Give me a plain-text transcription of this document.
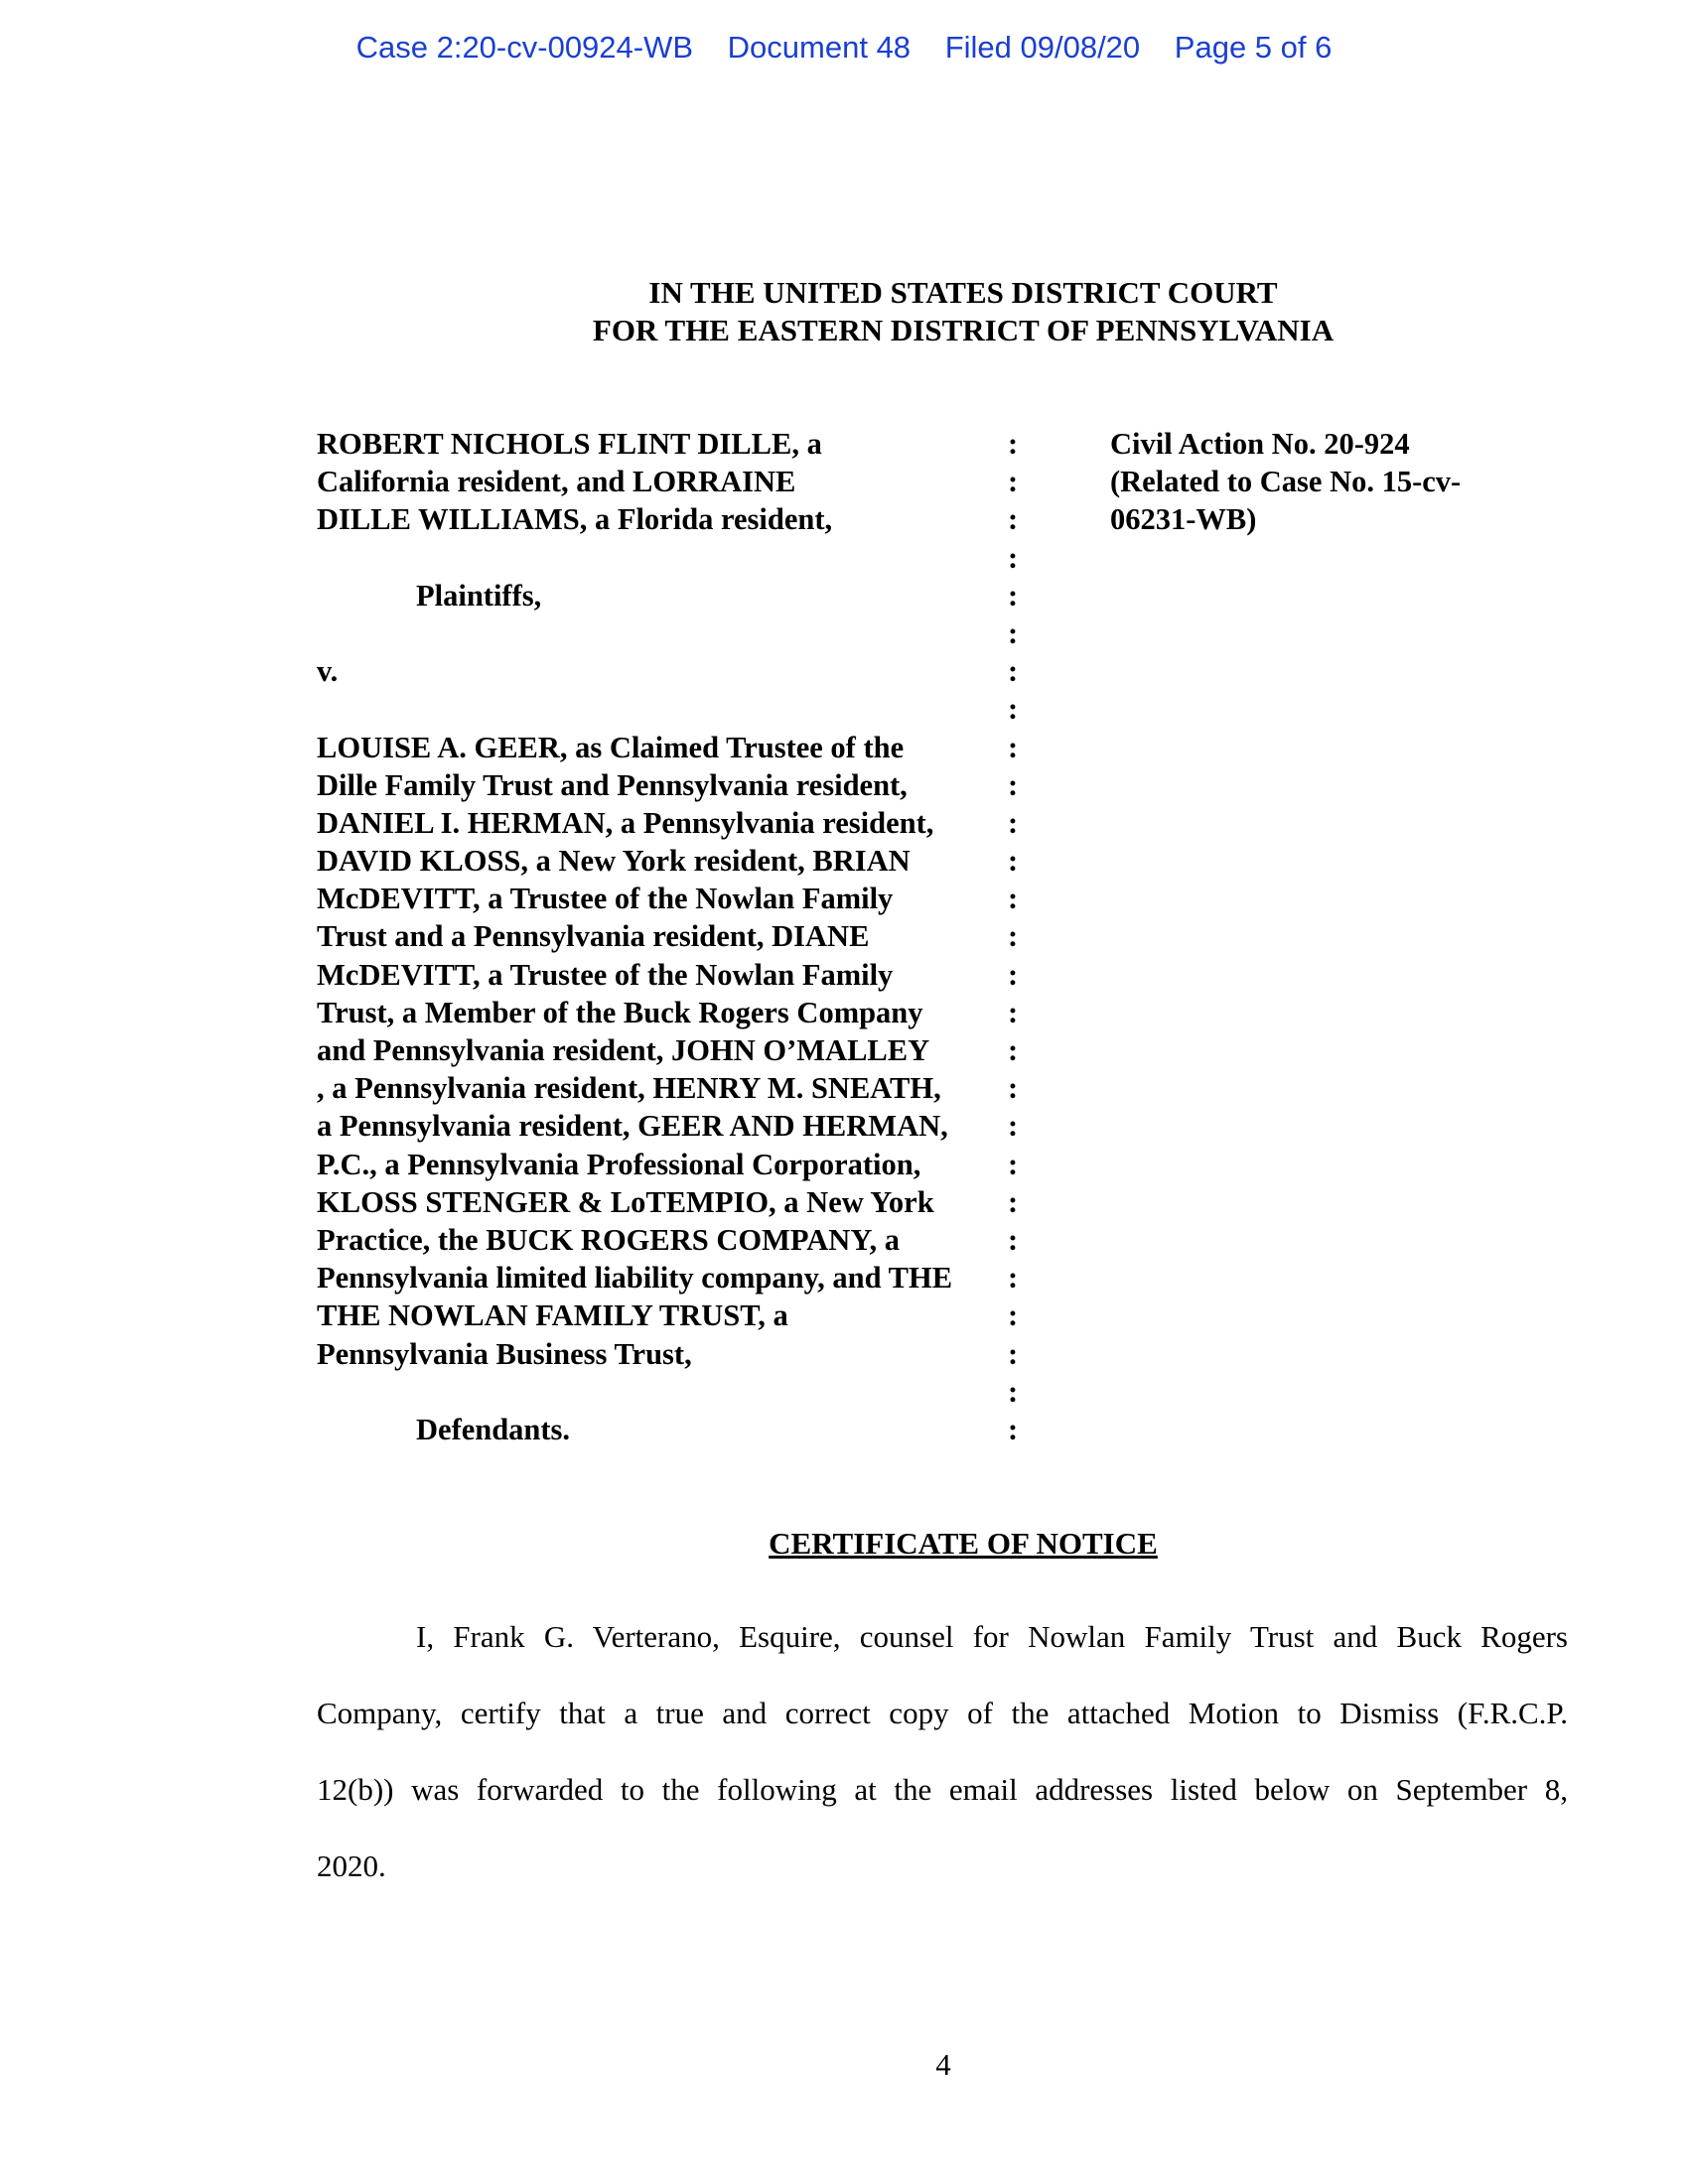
Case 2:20-cv-00924-WB Document 48 Filed 09/08/20 Page 5 of 6
IN THE UNITED STATES DISTRICT COURT
FOR THE EASTERN DISTRICT OF PENNSYLVANIA
ROBERT NICHOLS FLINT DILLE, a
California resident, and LORRAINE
DILLE WILLIAMS, a Florida resident,
Plaintiffs,
v.
LOUISE A. GEER, as Claimed Trustee of the
Dille Family Trust and Pennsylvania resident,
DANIEL I. HERMAN, a Pennsylvania resident,
DAVID KLOSS, a New York resident, BRIAN
McDEVITT, a Trustee of the Nowlan Family
Trust and a Pennsylvania resident, DIANE
McDEVITT, a Trustee of the Nowlan Family
Trust, a Member of the Buck Rogers Company
and Pennsylvania resident, JOHN O’MALLEY
, a Pennsylvania resident, HENRY M. SNEATH,
a Pennsylvania resident, GEER AND HERMAN,
P.C., a Pennsylvania Professional Corporation,
KLOSS STENGER & LoTEMPIO, a New York
Practice, the BUCK ROGERS COMPANY, a
Pennsylvania limited liability company, and THE
THE NOWLAN FAMILY TRUST, a
Pennsylvania Business Trust,
Defendants.
:
:
:
:
:
:
:
:
:
:
:
:
:
:
:
:
:
:
:
:
:
:
:
:
:
:
:
Civil Action No. 20-924
(Related to Case No. 15-cv-
06231-WB)
CERTIFICATE OF NOTICE
I, Frank G. Verterano, Esquire, counsel for Nowlan Family Trust and Buck Rogers
Company, certify that a true and correct copy of the attached Motion to Dismiss (F.R.C.P.
12(b)) was forwarded to the following at the email addresses listed below on September 8,
2020.
4
